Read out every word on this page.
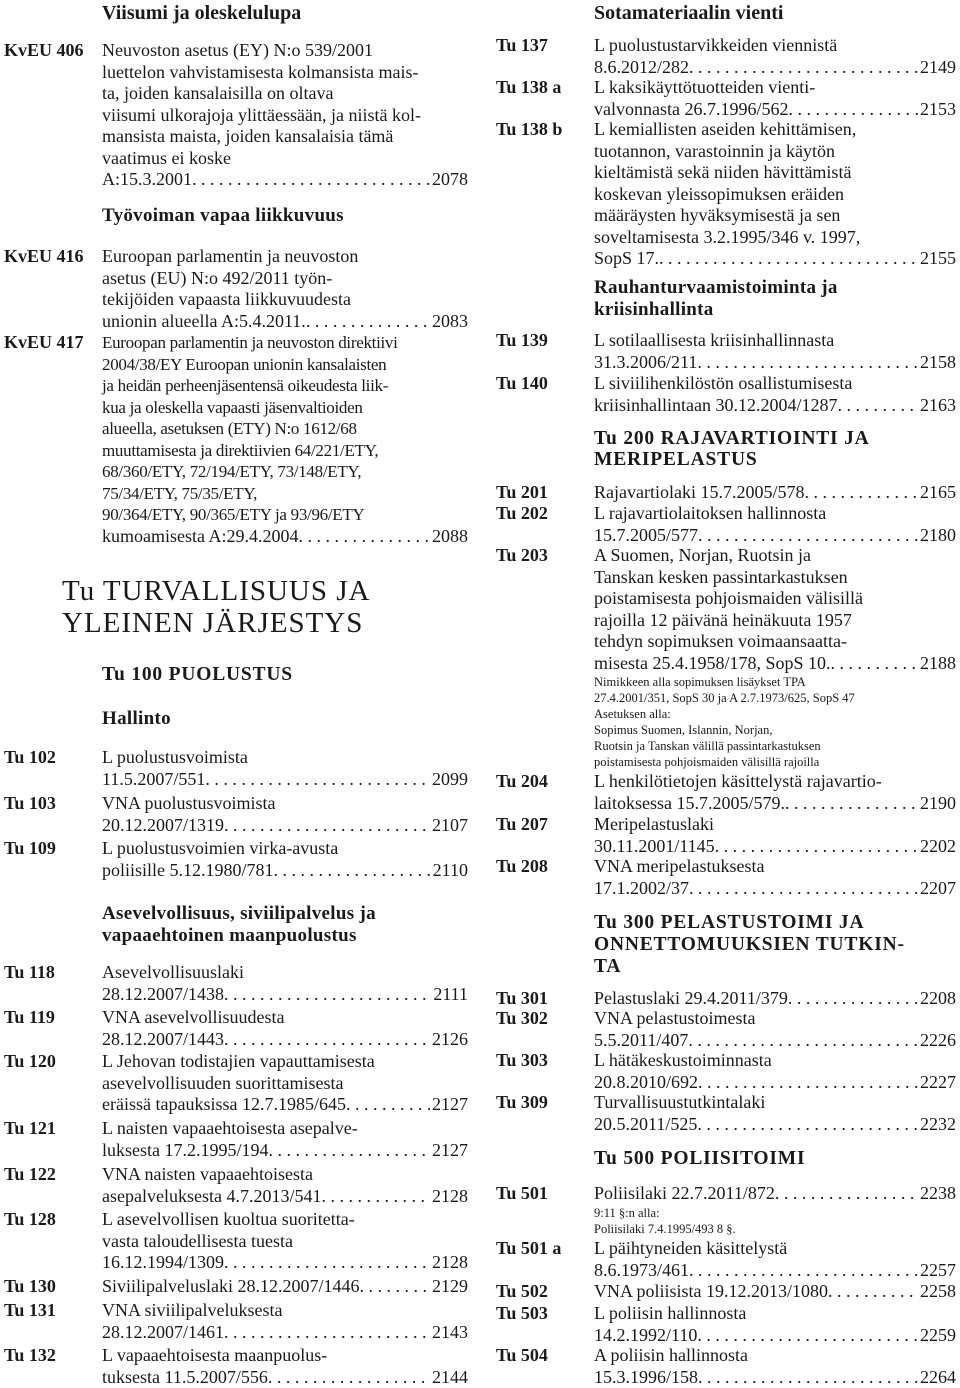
Viisumi ja oleskelulupa
KvEU 406 Neuvoston asetus (EY) N:o 539/2001
luettelon vahvistamisesta kolmansista mais-
ta, joiden kansalaisilla on oltava
viisumi ulkorajoja ylittäessään, ja niistä kol-
mansista maista, joiden kansalaisia tämä
vaatimus ei koske
A:15.3.2001 . . .	2078
Työvoiman vapaa liikkuvuus
KvEU 416 Euroopan parlamentin ja neuvoston
asetus (EU) N:o 492/2011 työn-
tekijöiden vapaasta liikkuvuudesta
unionin alueella A:5.4.2011. . . .	2083
KvEU 417 Euroopan parlamentin ja neuvoston direktiivi
2004/38/EY Euroopan unionin kansalaisten
ja heidän perheenjäsentensä oikeudesta liik-
kua ja oleskella vapaasti jäsenvaltioiden
alueella, asetuksen (ETY) N:o 1612/68
muuttamisesta ja direktiivien 64/221/ETY,
68/360/ETY, 72/194/ETY, 73/148/ETY,
75/34/ETY, 75/35/ETY,
90/364/ETY, 90/365/ETY ja 93/96/ETY
kumoamisesta A:29.4.2004 . . .	2088
Tu TURVALLISUUS JA
YLEINEN JÄRJESTYS
Tu 100 PUOLUSTUS
Hallinto
Tu 102	L puolustusvoimista
11.5.2007/551 . . .	2099
Tu 103	VNA puolustusvoimista
20.12.2007/1319 . . .	2107
Tu 109	L puolustusvoimien virka-avusta
poliisille 5.12.1980/781 . . .	2110
Asevelvollisuus, siviilipalvelus ja
vapaaehtoinen maanpuolustus
Tu 118	Asevelvollisuuslaki
28.12.2007/1438 . . .	2111
Tu 119	VNA asevelvollisuudesta
28.12.2007/1443 . . .	2126
Tu 120	L Jehovan todistajien vapauttamisesta
asevelvollisuuden suorittamisesta
eräissä tapauksissa 12.7.1985/645 . . .	2127
Tu 121	L naisten vapaaehtoisesta asepalve-
luksesta 17.2.1995/194 . . .	2127
Tu 122	VNA naisten vapaaehtoisesta
asepalveluksesta 4.7.2013/541 . . .	2128
Tu 128	L asevelvollisen kuoltua suoritetta-
vasta taloudellisesta tuesta
16.12.1994/1309 . . .	2128
Tu 130	Siviilipalveluslaki 28.12.2007/1446 . . .	2129
Tu 131	VNA siviilipalveluksesta
28.12.2007/1461 . . .	2143
Tu 132	L vapaaehtoisesta maanpuolus-
tuksesta 11.5.2007/556 . . .	2144
Sotamateriaalin vienti
Tu 137	L puolustustarvikkeiden viennistä
8.6.2012/282 . . .	2149
Tu 138 a L kaksikäyttötuotteiden vienti-
valvonnasta 26.7.1996/562 . . .	2153
Tu 138 b L kemiallisten aseiden kehittämisen,
tuotannon, varastoinnin ja käytön
kieltämistä sekä niiden hävittämistä
koskevan yleissopimuksen eräiden
määräysten hyväksymisestä ja sen
soveltamisesta 3.2.1995/346 v. 1997,
SopS 17. . . .	2155
Rauhanturvaamistoiminta ja
kriisinhallinta
Tu 139	L sotilaallisesta kriisinhallinnasta
31.3.2006/211 . . .	2158
Tu 140	L siviilihenkilöstön osallistumisesta
kriisinhallintaan 30.12.2004/1287 . . .	2163
Tu 200 RAJAVARTIOINTI JA
MERIPELASTUS
Tu 201	Rajavartiolaki 15.7.2005/578 . . .	2165
Tu 202	L rajavartiolaitoksen hallinnosta
15.7.2005/577 . . .	2180
Tu 203	A Suomen, Norjan, Ruotsin ja
Tanskan kesken passintarkastuksen
poistamisesta pohjoismaiden välisillä
rajoilla 12 päivänä heinäkuuta 1957
tehdyn sopimuksen voimaansaatta-
misesta 25.4.1958/178, SopS 10. . . .	2188
Nimikkeen alla sopimuksen lisäykset TPA
27.4.2001/351, SopS 30 ja A 2.7.1973/625, SopS 47
Asetuksen alla:
Sopimus Suomen, Islannin, Norjan,
Ruotsin ja Tanskan välillä passintarkastuksen
poistamisesta pohjoismaiden välisillä rajoilla
Tu 204	L henkilötietojen käsittelystä rajavartio-
laitoksessa 15.7.2005/579. . . .	2190
Tu 207	Meripelastuslaki
30.11.2001/1145 . . .	2202
Tu 208	VNA meripelastuksesta
17.1.2002/37 . . .	2207
Tu 300 PELASTUSTOIMI JA
ONNETTOMUUKSIEN TUTKIN-
TA
Tu 301	Pelastuslaki 29.4.2011/379 . . .	2208
Tu 302	VNA pelastustoimesta
5.5.2011/407 . . .	2226
Tu 303	L hätäkeskustoiminnasta
20.8.2010/692 . . .	2227
Tu 309	Turvallisuustutkintalaki
20.5.2011/525 . . .	2232
Tu 500 POLIISITOIMI
Tu 501	Poliisilaki 22.7.2011/872 . . .	2238
9:11 §:n alla:
Poliisilaki 7.4.1995/493 8 §.
Tu 501 a L päihtyneiden käsittelystä
8.6.1973/461 . . .	2257
Tu 502	VNA poliisista 19.12.2013/1080 . . .	2258
Tu 503	L poliisin hallinnosta
14.2.1992/110 . . .	2259
Tu 504	A poliisin hallinnosta
15.3.1996/158 . . .	2264
